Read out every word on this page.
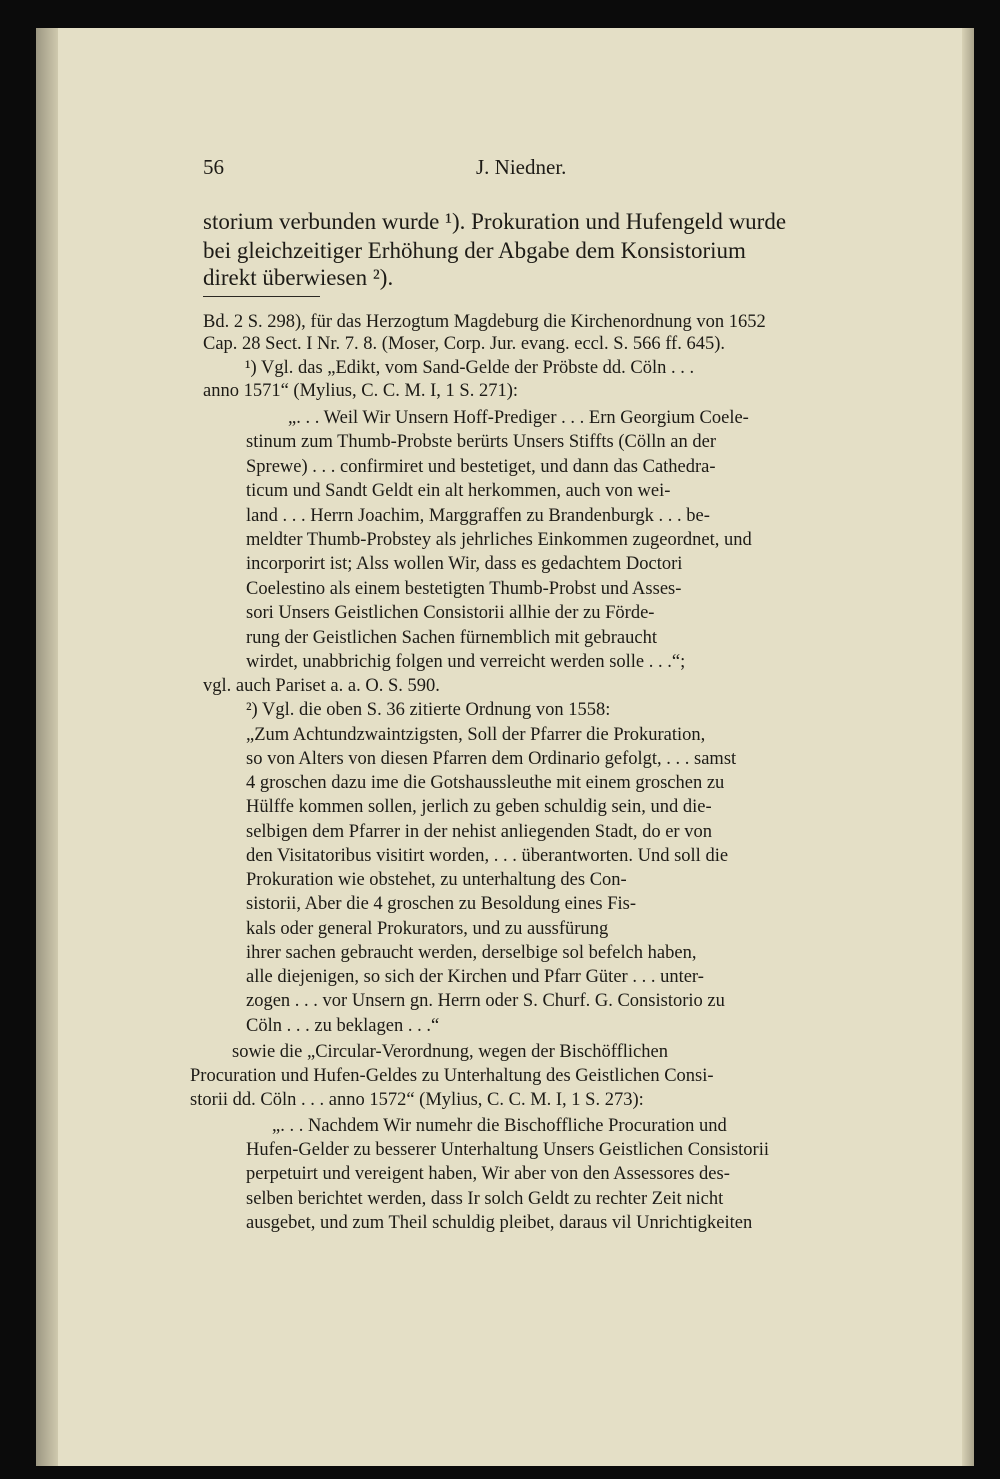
56	J. Niedner.
storium verbunden wurde ¹). Prokuration und Hufengeld wurde
bei gleichzeitiger Erhöhung der Abgabe dem Konsistorium
direkt überwiesen ²).
Bd. 2 S. 298), für das Herzogtum Magdeburg die Kirchenordnung von 1652
Cap. 28 Sect. I Nr. 7. 8. (Moser, Corp. Jur. evang. eccl. S. 566 ff. 645).
¹) Vgl. das „Edikt, vom Sand-Gelde der Pröbste dd. Cöln . . .
anno 1571“ (Mylius, C. C. M. I, 1 S. 271):
„. . . Weil Wir Unsern Hoff-Prediger . . . Ern Georgium Coele-
stinum zum Thumb-Probste berürts Unsers Stiffts (Cölln an der
Sprewe) . . . confirmiret und bestetiget, und dann das Cathedra-
ticum und Sandt Geldt ein alt herkommen, auch von wei-
land . . . Herrn Joachim, Marggraffen zu Brandenburgk . . . be-
meldter Thumb-Probstey als jehrliches Einkommen zugeordnet, und
incorporirt ist; Alss wollen Wir, dass es gedachtem Doctori
Coelestino als einem bestetigten Thumb-Probst und Asses-
sori Unsers Geistlichen Consistorii allhie der zu Förde-
rung der Geistlichen Sachen fürnemblich mit gebraucht
wirdet, unabbrichig folgen und verreicht werden solle . . .“;
vgl. auch Pariset a. a. O. S. 590.
²) Vgl. die oben S. 36 zitierte Ordnung von 1558:
„Zum Achtundzwaintzigsten, Soll der Pfarrer die Prokuration,
so von Alters von diesen Pfarren dem Ordinario gefolgt, . . . samst
4 groschen dazu ime die Gotshaussleuthe mit einem groschen zu
Hülffe kommen sollen, jerlich zu geben schuldig sein, und die-
selbigen dem Pfarrer in der nehist anliegenden Stadt, do er von
den Visitatoribus visitirt worden, . . . überantworten. Und soll die
Prokuration wie obstehet, zu unterhaltung des Con-
sistorii, Aber die 4 groschen zu Besoldung eines Fis-
kals oder general Prokurators, und zu aussfürung
ihrer sachen gebraucht werden, derselbige sol befelch haben,
alle diejenigen, so sich der Kirchen und Pfarr Güter . . . unter-
zogen . . . vor Unsern gn. Herrn oder S. Churf. G. Consistorio zu
Cöln . . . zu beklagen . . .“
sowie die „Circular-Verordnung, wegen der Bischöfflichen
Procuration und Hufen-Geldes zu Unterhaltung des Geistlichen Consi-
storii dd. Cöln . . . anno 1572“ (Mylius, C. C. M. I, 1 S. 273):
„. . . Nachdem Wir numehr die Bischoffliche Procuration und
Hufen-Gelder zu besserer Unterhaltung Unsers Geistlichen Consistorii
perpetuirt und vereigent haben, Wir aber von den Assessores des-
selben berichtet werden, dass Ir solch Geldt zu rechter Zeit nicht
ausgebet, und zum Theil schuldig pleibet, daraus vil Unrichtigkeiten
